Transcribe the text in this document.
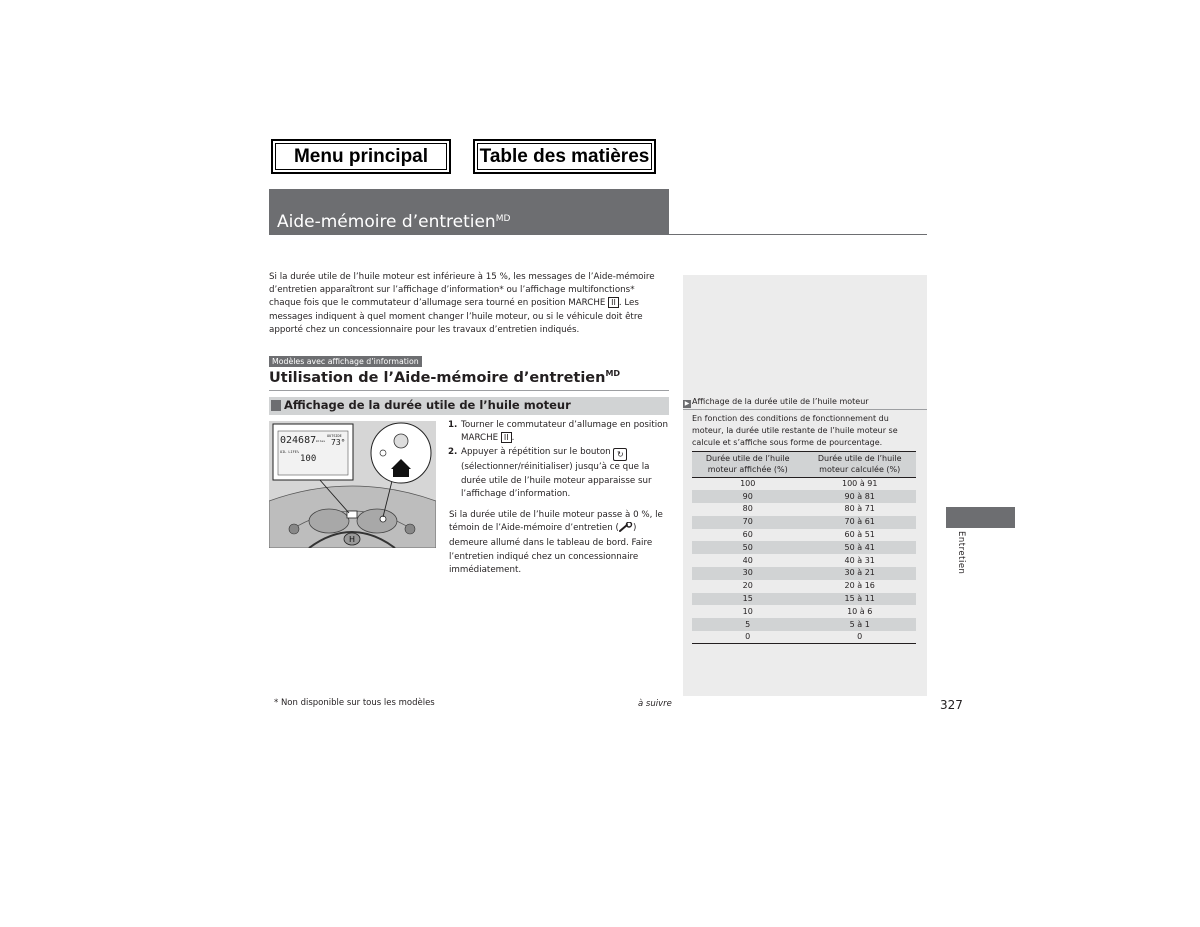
Menu principal	Table des matières
Aide-mémoire d’entretien$^{MD}$
Si la durée utile de l’huile moteur est inférieure à 15 %, les messages de l’Aide-mémoire d’entretien apparaîtront sur l’affichage d’information* ou l’affichage multifonctions* chaque fois que le commutateur d’allumage sera tourné en position MARCHE II . Les messages indiquent à quel moment changer l’huile moteur, ou si le véhicule doit être apporté chez un concessionnaire pour les travaux d’entretien indiqués.
Modèles avec affichage d’information
Utilisation de l’Aide-mémoire d’entretien$^{MD}$
Affichage de la durée utile de l’huile moteur
H
024687 miles
OUTSIDE
73°
OIL LIFE%
100
1. Tourner le commutateur d’allumage en position MARCHE II .
2. Appuyer à répétition sur le bouton ↻ (sélectionner/réinitialiser) jusqu’à ce que la durée utile de l’huile moteur apparaisse sur l’affichage d’information.
Si la durée utile de l’huile moteur passe à 0 %, le témoin de l’Aide-mémoire d’entretien ( ) demeure allumé dans le tableau de bord. Faire l’entretien indiqué chez un concessionnaire immédiatement.
▶ Affichage de la durée utile de l’huile moteur
En fonction des conditions de fonctionnement du moteur, la durée utile restante de l’huile moteur se calcule et s’affiche sous forme de pourcentage.
Durée utile de l’huile moteur affichée (%)	Durée utile de l’huile moteur calculée (%)
100	100 à 91
90	90 à 81
80	80 à 71
70	70 à 61
60	60 à 51
50	50 à 41
40	40 à 31
30	30 à 21
20	20 à 16
15	15 à 11
10	10 à 6
5	5 à 1
0	0
Entretien
* Non disponible sur tous les modèles	à suivre	327
